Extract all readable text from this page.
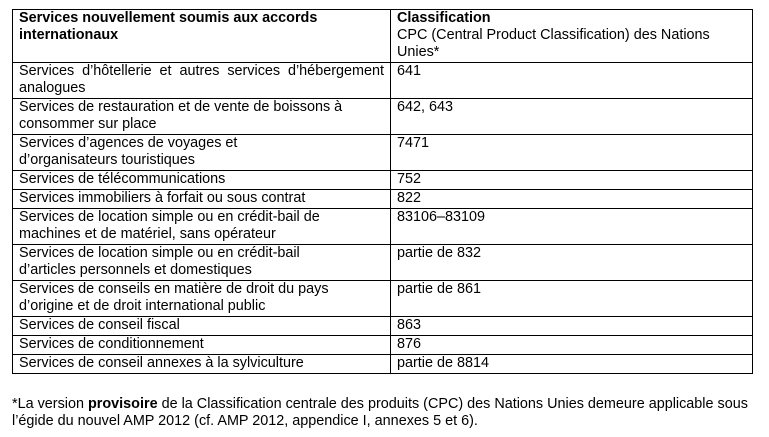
Services nouvellement soumis aux accords internationaux	Classification
CPC (Central Product Classification) des Nations Unies*

Services d’hôtellerie et autres services d’hébergement analogues	641
Services de restauration et de vente de boissons à consommer sur place	642, 643
Services d’agences de voyages et d’organisateurs touristiques	7471
Services de télécommunications	752
Services immobiliers à forfait ou sous contrat	822
Services de location simple ou en crédit-bail de machines et de matériel, sans opérateur	83106–83109
Services de location simple ou en crédit-bail d’articles personnels et domestiques	partie de 832
Services de conseils en matière de droit du pays d’origine et de droit international public	partie de 861
Services de conseil fiscal	863
Services de conditionnement	876
Services de conseil annexes à la sylviculture	partie de 8814
*La version provisoire de la Classification centrale des produits (CPC) des Nations Unies demeure applicable sous l’égide du nouvel AMP 2012 (cf. AMP 2012, appendice I, annexes 5 et 6).
